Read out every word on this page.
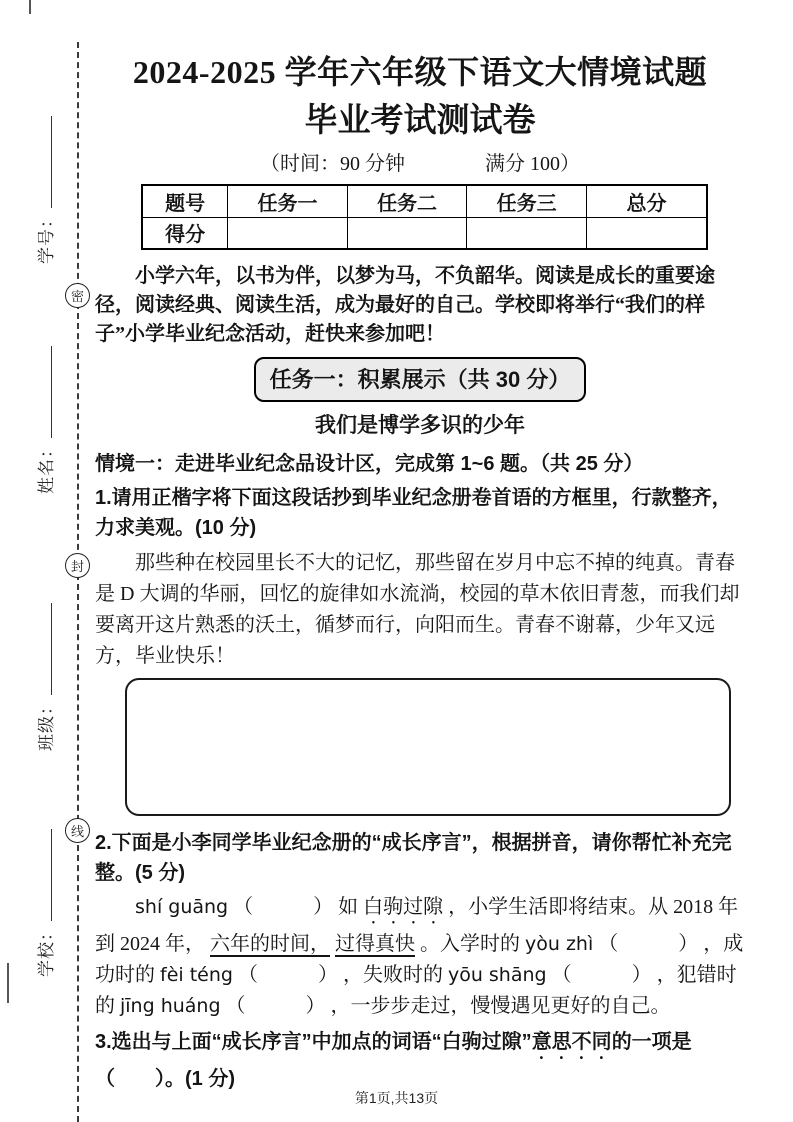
学号：
姓名：
班级：
学校：
密
封
线
2024-2025 学年六年级下语文大情境试题
毕业考试测试卷
（时间：90 分钟　　　　满分 100）
题号	任务一	任务二	任务三	总分
得分				

小学六年，以书为伴，以梦为马，不负韶华。阅读是成长的重要途径，阅读经典、阅读生活，成为最好的自己。学校即将举行“我们的样子”小学毕业纪念活动，赶快来参加吧！

任务一：积累展示（共 30 分）
我们是博学多识的少年

情境一：走进毕业纪念品设计区，完成第 1~6 题。（共 25 分）

1.请用正楷字将下面这段话抄到毕业纪念册卷首语的方框里，行款整齐，力求美观。(10 分)

那些种在校园里长不大的记忆，那些留在岁月中忘不掉的纯真。青春是 D 大调的华丽，回忆的旋律如水流淌，校园的草木依旧青葱，而我们却要离开这片熟悉的沃土，循梦而行，向阳而生。青春不谢幕，少年又远方，毕业快乐！

2.下面是小李同学毕业纪念册的“成长序言”，根据拼音，请你帮忙补充完整。(5 分)

shí guāng （　　　） 如 白驹过隙 ，小学生活即将结束。从 2018 年到 2024 年， 六年的时间， 过得真快 。入学时的 yòu zhì （　　　） ，成功时的 fèi téng （　　　） ，失败时的 yōu shāng （　　　） ，犯错时的 jīng huáng （　　　） ，一步步走过，慢慢遇见更好的自己。

3.选出与上面“成长序言”中加点的词语“白驹过隙”意思不同的一项是（　　）。(1 分)

第1页,共13页
